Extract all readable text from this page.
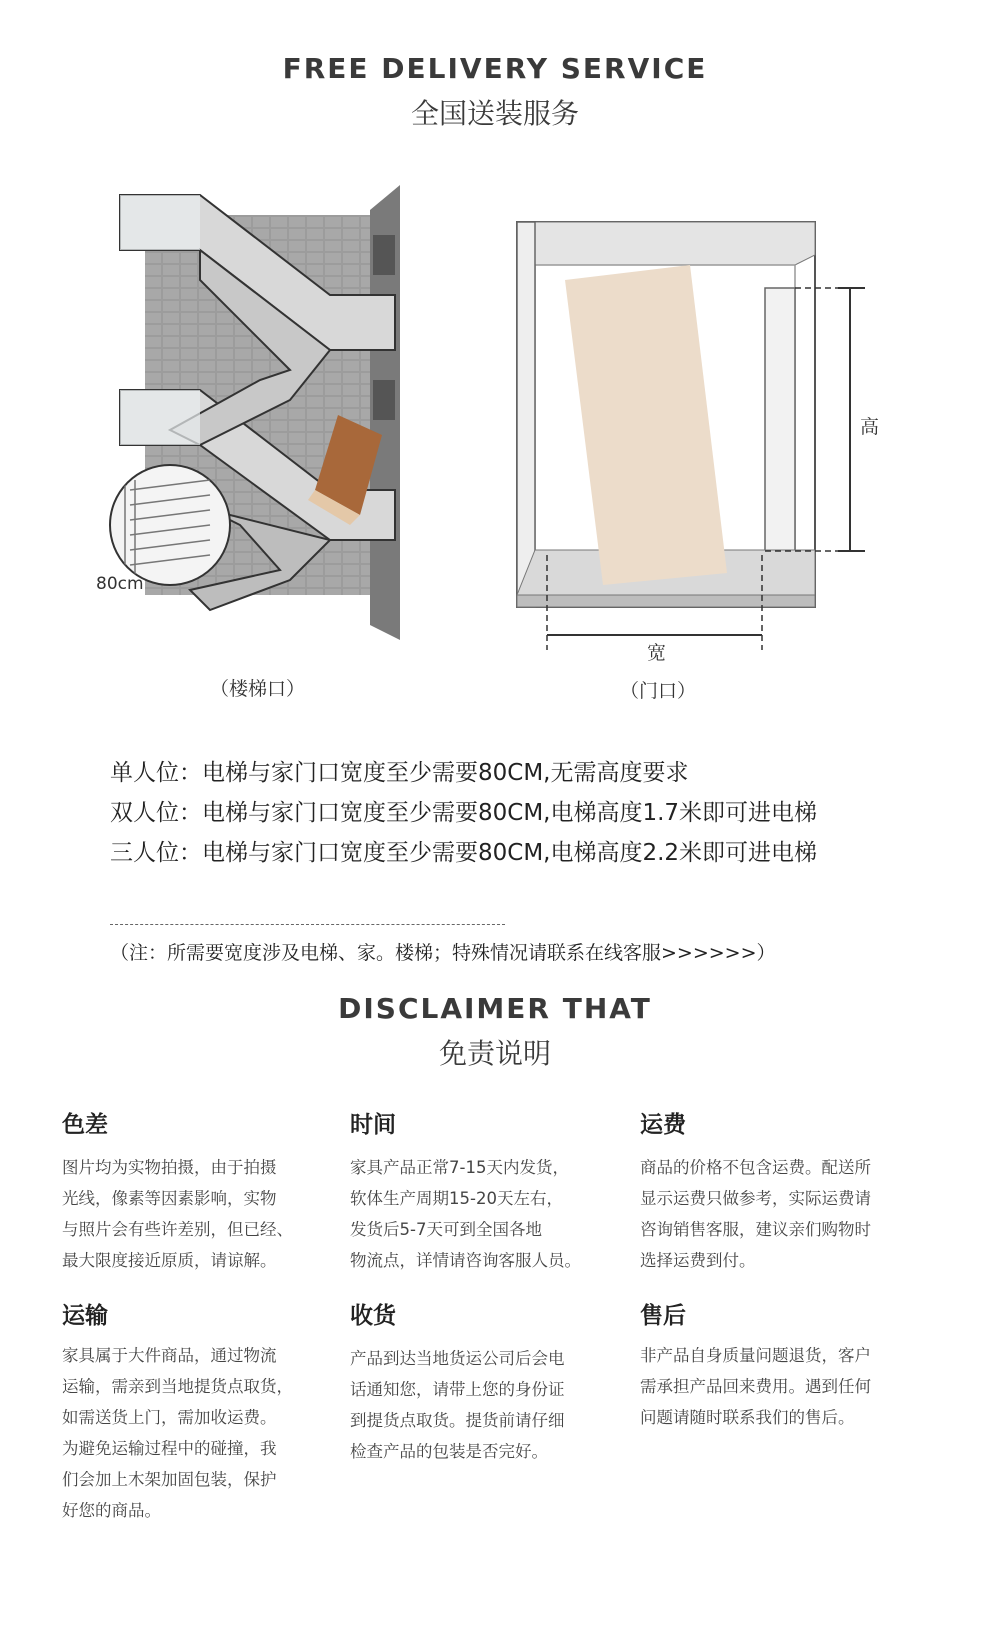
FREE DELIVERY SERVICE
全国送装服务
80cm
（楼梯口）
高
宽
（门口）
单人位：电梯与家门口宽度至少需要80CM,无需高度要求
双人位：电梯与家门口宽度至少需要80CM,电梯高度1.7米即可进电梯
三人位：电梯与家门口宽度至少需要80CM,电梯高度2.2米即可进电梯
（注：所需要宽度涉及电梯、家。楼梯；特殊情况请联系在线客服>>>>>>）
DISCLAIMER THAT
免责说明
色差
图片均为实物拍摄，由于拍摄
光线，像素等因素影响，实物
与照片会有些许差别，但已经、
最大限度接近原质，请谅解。
时间
家具产品正常7-15天内发货，
软体生产周期15-20天左右，
发货后5-7天可到全国各地
物流点，详情请咨询客服人员。
运费
商品的价格不包含运费。配送所
显示运费只做参考，实际运费请
咨询销售客服，建议亲们购物时
选择运费到付。
运输
家具属于大件商品，通过物流
运输，需亲到当地提货点取货，
如需送货上门，需加收运费。
为避免运输过程中的碰撞，我
们会加上木架加固包装，保护
好您的商品。
收货
产品到达当地货运公司后会电
话通知您，请带上您的身份证
到提货点取货。提货前请仔细
检查产品的包装是否完好。
售后
非产品自身质量问题退货，客户
需承担产品回来费用。遇到任何
问题请随时联系我们的售后。
